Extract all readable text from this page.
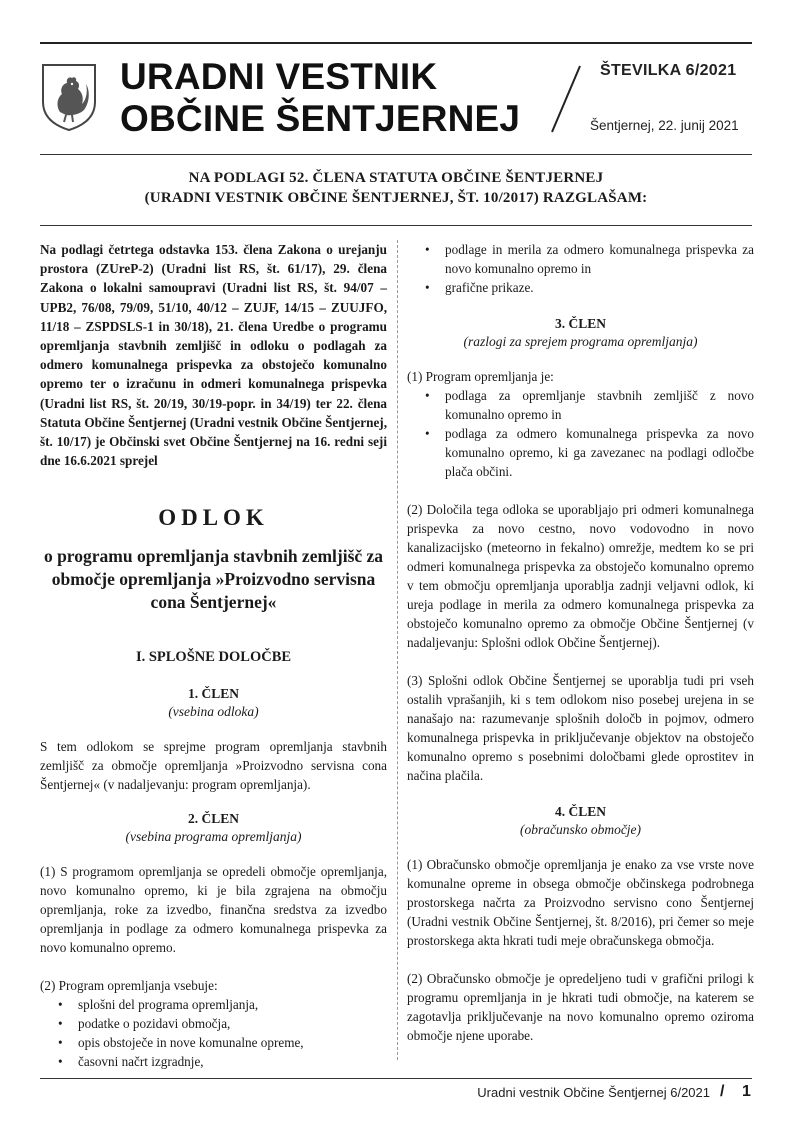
URADNI VESTNIK
OBČINE ŠENTJERNEJ
ŠTEVILKA 6/2021
Šentjernej, 22. junij 2021
NA PODLAGI 52. ČLENA STATUTA OBČINE ŠENTJERNEJ
(URADNI VESTNIK OBČINE ŠENTJERNEJ, ŠT. 10/2017) RAZGLAŠAM:

Na podlagi četrtega odstavka 153. člena Zakona o urejanju prostora (ZUreP-2) (Uradni list RS, št. 61/17), 29. člena Zakona o lokalni samoupravi (Uradni list RS, št. 94/07 – UPB2, 76/08, 79/09, 51/10, 40/12 – ZUJF, 14/15 – ZUUJFO, 11/18 – ZSPDSLS-1 in 30/18), 21. člena Uredbe o programu opremljanja stavbnih zemljišč in odloku o podlagah za odmero komunalnega prispevka za obstoječo komunalno opremo ter o izračunu in odmeri komunalnega prispevka (Uradni list RS, št. 20/19, 30/19-popr. in 34/19) ter 22. člena Statuta Občine Šentjernej (Uradni vestnik Občine Šentjernej, št. 10/17) je Občinski svet Občine Šentjernej na 16. redni seji dne 16.6.2021 sprejel

ODLOK

o programu opremljanja stavbnih zemljišč za območje opremljanja »Proizvodno servisna cona Šentjernej«

I. SPLOŠNE DOLOČBE

1. ČLEN

(vsebina odloka)

S tem odlokom se sprejme program opremljanja stavbnih zemljišč za območje opremljanja »Proizvodno servisna cona Šentjernej« (v nadaljevanju: program opremljanja).

2. ČLEN

(vsebina programa opremljanja)

(1) S programom opremljanja se opredeli območje opremljanja, novo komunalno opremo, ki je bila zgrajena na območju opremljanja, roke za izvedbo, finančna sredstva za izvedbo opremljanja in podlage za odmero komunalnega prispevka za novo komunalno opremo.

(2) Program opremljanja vsebuje:

• splošni del programa opremljanja,
• podatke o pozidavi območja,
• opis obstoječe in nove komunalne opreme,
• časovni načrt izgradnje,
• podlage in merila za odmero komunalnega prispevka za novo komunalno opremo in
• grafične prikaze.

3. ČLEN

(razlogi za sprejem programa opremljanja)

(1) Program opremljanja je:

• podlaga za opremljanje stavbnih zemljišč z novo komunalno opremo in
• podlaga za odmero komunalnega prispevka za novo komunalno opremo, ki ga zavezanec na podlagi odločbe plača občini.

(2) Določila tega odloka se uporabljajo pri odmeri komunalnega prispevka za novo cestno, novo vodovodno in novo kanalizacijsko (meteorno in fekalno) omrežje, medtem ko se pri odmeri komunalnega prispevka za obstoječo komunalno opremo v tem območju opremljanja uporablja zadnji veljavni odlok, ki ureja podlage in merila za odmero komunalnega prispevka za obstoječo komunalno opremo za območje Občine Šentjernej (v nadaljevanju: Splošni odlok Občine Šentjernej).

(3) Splošni odlok Občine Šentjernej se uporablja tudi pri vseh ostalih vprašanjih, ki s tem odlokom niso posebej urejena in se nanašajo na: razumevanje splošnih določb in pojmov, odmero komunalnega prispevka in priključevanje objektov na obstoječo komunalno opremo s posebnimi določbami glede oprostitev in načina plačila.

4. ČLEN

(obračunsko območje)

(1) Obračunsko območje opremljanja je enako za vse vrste nove komunalne opreme in obsega območje občinskega podrobnega prostorskega načrta za Proizvodno servisno cono Šentjernej (Uradni vestnik Občine Šentjernej, št. 8/2016), pri čemer so meje prostorskega akta hkrati tudi meje obračunskega območja.

(2) Obračunsko območje je opredeljeno tudi v grafični prilogi k programu opremljanja in je hkrati tudi območje, na katerem se zagotavlja priključevanje na novo komunalno opremo oziroma območje njene uporabe.

Uradni vestnik Občine Šentjernej 6/2021 / 1
